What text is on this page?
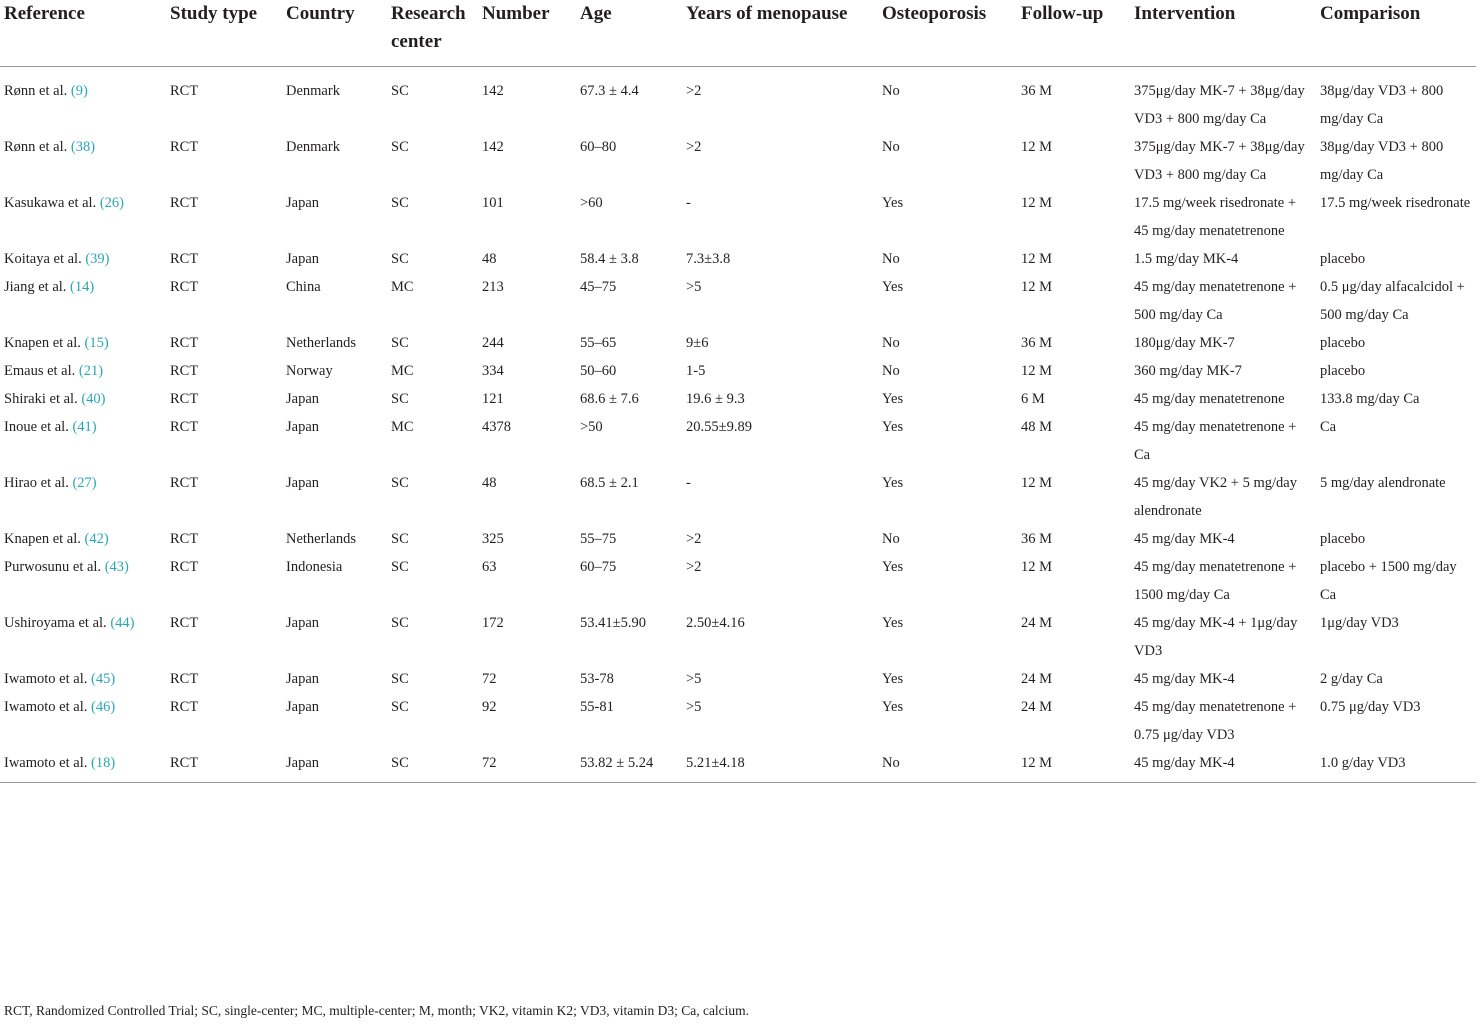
Reference	Study type	Country	Research center	Number	Age	Years of menopause	Osteoporosis	Follow-up	Intervention	Comparison
Rønn et al. (9)	RCT	Denmark	SC	142	67.3 ± 4.4	>2	No	36 M	375μg/day MK-7 + 38μg/day VD3 + 800 mg/day Ca	38μg/day VD3 + 800 mg/day Ca
Rønn et al. (38)	RCT	Denmark	SC	142	60–80	>2	No	12 M	375μg/day MK-7 + 38μg/day VD3 + 800 mg/day Ca	38μg/day VD3 + 800 mg/day Ca
Kasukawa et al. (26)	RCT	Japan	SC	101	>60	-	Yes	12 M	17.5 mg/week risedronate + 45 mg/day menatetrenone	17.5 mg/week risedronate
Koitaya et al. (39)	RCT	Japan	SC	48	58.4 ± 3.8	7.3±3.8	No	12 M	1.5 mg/day MK-4	placebo
Jiang et al. (14)	RCT	China	MC	213	45–75	>5	Yes	12 M	45 mg/day menatetrenone + 500 mg/day Ca	0.5 μg/day alfacalcidol + 500 mg/day Ca
Knapen et al. (15)	RCT	Netherlands	SC	244	55–65	9±6	No	36 M	180μg/day MK-7	placebo
Emaus et al. (21)	RCT	Norway	MC	334	50–60	1-5	No	12 M	360 mg/day MK-7	placebo
Shiraki et al. (40)	RCT	Japan	SC	121	68.6 ± 7.6	19.6 ± 9.3	Yes	6 M	45 mg/day menatetrenone	133.8 mg/day Ca
Inoue et al. (41)	RCT	Japan	MC	4378	>50	20.55±9.89	Yes	48 M	45 mg/day menatetrenone + Ca	Ca
Hirao et al. (27)	RCT	Japan	SC	48	68.5 ± 2.1	-	Yes	12 M	45 mg/day VK2 + 5 mg/day alendronate	5 mg/day alendronate
Knapen et al. (42)	RCT	Netherlands	SC	325	55–75	>2	No	36 M	45 mg/day MK-4	placebo
Purwosunu et al. (43)	RCT	Indonesia	SC	63	60–75	>2	Yes	12 M	45 mg/day menatetrenone + 1500 mg/day Ca	placebo + 1500 mg/day Ca
Ushiroyama et al. (44)	RCT	Japan	SC	172	53.41±5.90	2.50±4.16	Yes	24 M	45 mg/day MK-4 + 1μg/day VD3	1μg/day VD3
Iwamoto et al. (45)	RCT	Japan	SC	72	53-78	>5	Yes	24 M	45 mg/day MK-4	2 g/day Ca
Iwamoto et al. (46)	RCT	Japan	SC	92	55-81	>5	Yes	24 M	45 mg/day menatetrenone + 0.75 μg/day VD3	0.75 μg/day VD3
Iwamoto et al. (18)	RCT	Japan	SC	72	53.82 ± 5.24	5.21±4.18	No	12 M	45 mg/day MK-4	1.0 g/day VD3
RCT, Randomized Controlled Trial; SC, single-center; MC, multiple-center; M, month; VK2, vitamin K2; VD3, vitamin D3; Ca, calcium.
